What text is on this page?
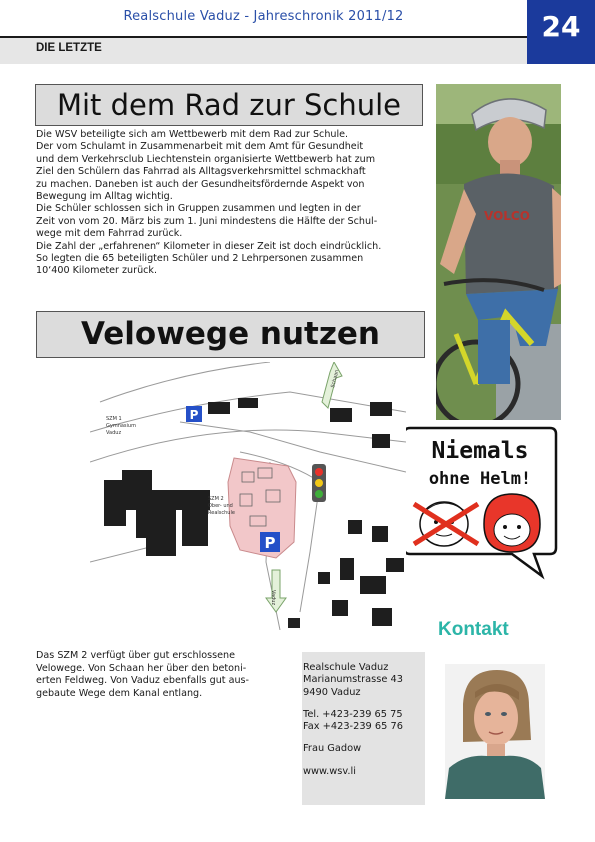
Realschule Vaduz - Jahreschronik 2011/12	24
DIE LETZTE
Mit dem Rad zur Schule

Die WSV beteiligte sich am Wettbewerb mit dem Rad zur Schule.

Der vom Schulamt in Zusammenarbeit mit dem Amt für Gesundheit

und dem Verkehrsclub Liechtenstein organisierte Wettbewerb hat zum

Ziel den Schülern das Fahrrad als Alltagsverkehrsmittel schmackhaft

zu machen. Daneben ist auch der Gesundheitsfördernde Aspekt von

Bewegung im Alltag wichtig.

Die Schüler schlossen sich in Gruppen zusammen und legten in der

Zeit von vom 20. März bis zum 1. Juni mindestens die Hälfte der Schul-

wege mit dem Fahrrad zurück.

Die Zahl der „erfahrenen“ Kilometer in dieser Zeit ist doch eindrücklich.

So legten die 65 beteiligten Schüler und 2 Lehrpersonen zusammen

10‘400 Kilometer zurück.

VOLCO
Niemals
ohne Helm!
Velowege nutzen
SZM 1
Gymnasium
Vaduz
SZM 2
Ober- und
Realschule
Schaan
Vaduz
P
P
Das SZM 2 verfügt über gut erschlossene
Velowege. Von Schaan her über den betoni-
erten Feldweg. Von Vaduz ebenfalls gut aus-
gebaute Wege dem Kanal entlang.
Kontakt
Realschule Vaduz
Marianumstrasse 43
9490 Vaduz
Tel. +423-239 65 75
Fax +423-239 65 76
Frau Gadow
www.wsv.li
